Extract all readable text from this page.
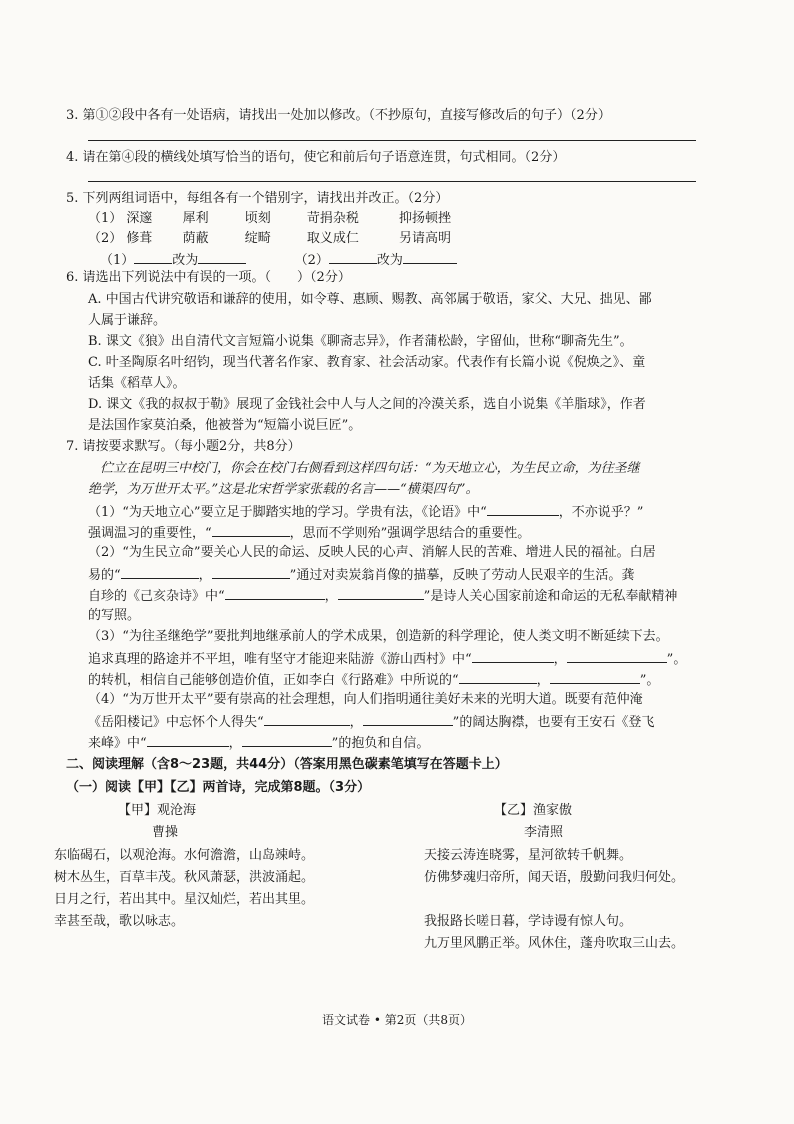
3. 第①②段中各有一处语病，请找出一处加以修改。（不抄原句，直接写修改后的句子）（2分）
4. 请在第④段的横线处填写恰当的语句，使它和前后句子语意连贯，句式相同。（2分）
5. 下列两组词语中，每组各有一个错别字，请找出并改正。（2分）
（1） 深邃 犀利	顷刻	苛捐杂税	抑扬顿挫
（2） 修葺 荫蔽	绽畸	取义成仁	另请高明
（1）	改为	（2）	改为
6. 请选出下列说法中有误的一项。（　　）（2分）
A. 中国古代讲究敬语和谦辞的使用，如令尊、惠顾、赐教、高邻属于敬语，家父、大兄、拙见、鄙
人属于谦辞。
B. 课文《狼》出自清代文言短篇小说集《聊斋志异》，作者蒲松龄，字留仙，世称“聊斋先生”。
C. 叶圣陶原名叶绍钧，现当代著名作家、教育家、社会活动家。代表作有长篇小说《倪焕之》、童
话集《稻草人》。
D. 课文《我的叔叔于勒》展现了金钱社会中人与人之间的冷漠关系，选自小说集《羊脂球》，作者
是法国作家莫泊桑，他被誉为“短篇小说巨匠”。
7. 请按要求默写。（每小题2分，共8分）
伫立在昆明三中校门，你会在校门右侧看到这样四句话：“为天地立心，为生民立命，为往圣继
绝学，为万世开太平。”这是北宋哲学家张载的名言——“横渠四句”。
（1）“为天地立心”要立足于脚踏实地的学习。学贵有法，《论语》中“	，不亦说乎？”
强调温习的重要性，“	，思而不学则殆”强调学思结合的重要性。
（2）“为生民立命”要关心人民的命运、反映人民的心声、消解人民的苦难、增进人民的福祉。白居
易的“	，	”通过对卖炭翁肖像的描摹，反映了劳动人民艰辛的生活。龚
自珍的《己亥杂诗》中“	，	”是诗人关心国家前途和命运的无私奉献精神
的写照。
（3）“为往圣继绝学”要批判地继承前人的学术成果，创造新的科学理论，使人类文明不断延续下去。
追求真理的路途并不平坦，唯有坚守才能迎来陆游《游山西村》中“	，	”。
的转机，相信自己能够创造价值，正如李白《行路难》中所说的“	，	”。
（4）“为万世开太平”要有崇高的社会理想，向人们指明通往美好未来的光明大道。既要有范仲淹
《岳阳楼记》中忘怀个人得失“	，	”的阔达胸襟，也要有王安石《登飞
来峰》中“	，	”的抱负和自信。
二、阅读理解（含8～23题，共44分）（答案用黑色碳素笔填写在答题卡上）
（一）阅读【甲】【乙】两首诗，完成第8题。（3分）
【甲】观沧海
曹操
东临碣石，以观沧海。水何澹澹，山岛竦峙。
树木丛生，百草丰茂。秋风萧瑟，洪波涌起。
日月之行，若出其中。星汉灿烂，若出其里。
幸甚至哉，歌以咏志。
【乙】渔家傲
李清照
天接云涛连晓雾，星河欲转千帆舞。
仿佛梦魂归帝所，闻天语，殷勤问我归何处。
我报路长嗟日暮，学诗谩有惊人句。
九万里风鹏正举。风休住，蓬舟吹取三山去。
语文试卷 • 第2页（共8页）
